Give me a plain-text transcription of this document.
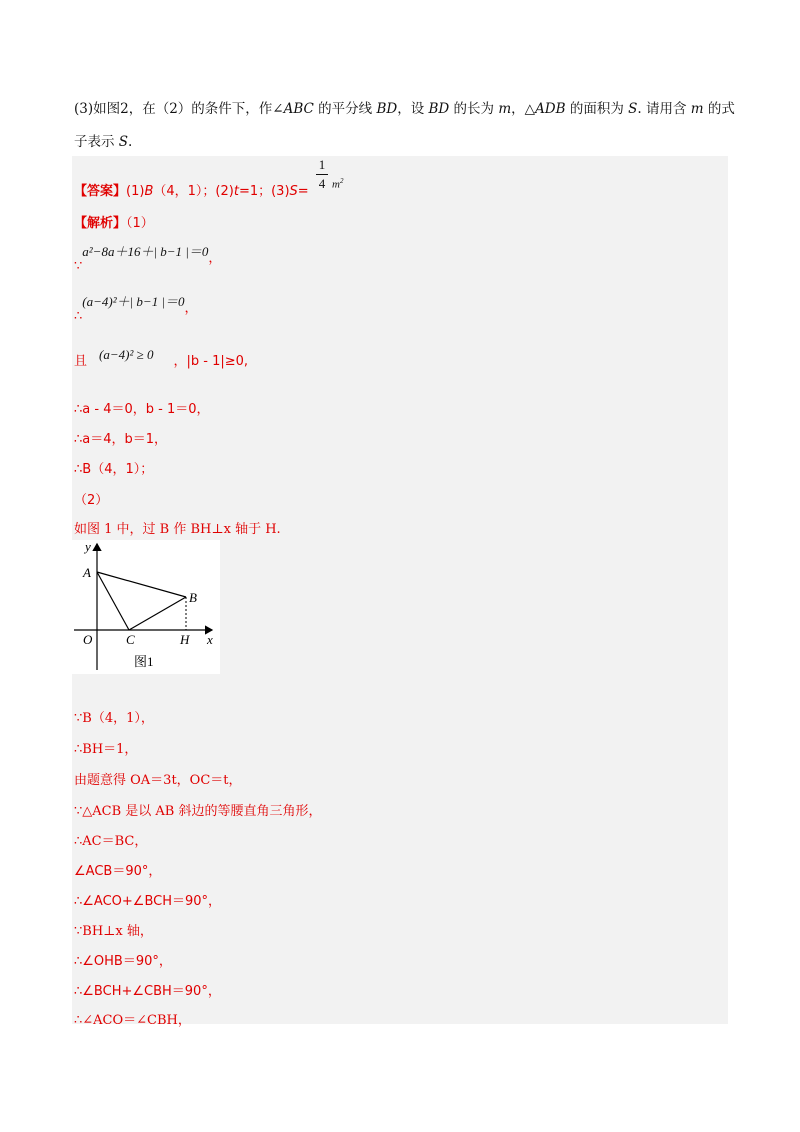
(3)如图2，在（2）的条件下，作∠ABC 的平分线 BD，设 BD 的长为 m，△ADB 的面积为 S. 请用含 m 的式
子表示 S.
【答案】(1)B（4，1）；(2)t=1；(3)S=
1
4 $m^2$
【解析】（1）
∵a²−8a＋16＋| b−1 |＝0，
∴(a−4)²＋| b−1 |＝0，
且 (a−4)² ≥ 0 ，|b - 1|≥0,
∴a - 4＝0，b - 1＝0，
∴a＝4，b＝1，
∴B（4，1）；
（2）
如图 1 中，过 B 作 BH⊥x 轴于 H.
y
A
B
O	C	H x
图1
∵B（4，1），
∴BH＝1，
由题意得 OA＝3t，OC＝t，
∵△ACB 是以 AB 斜边的等腰直角三角形，
∴AC＝BC，
∠ACB＝90°，
∴∠ACO+∠BCH＝90°，
∵BH⊥x 轴，
∴∠OHB＝90°，
∴∠BCH+∠CBH＝90°，
∴∠ACO＝∠CBH，
